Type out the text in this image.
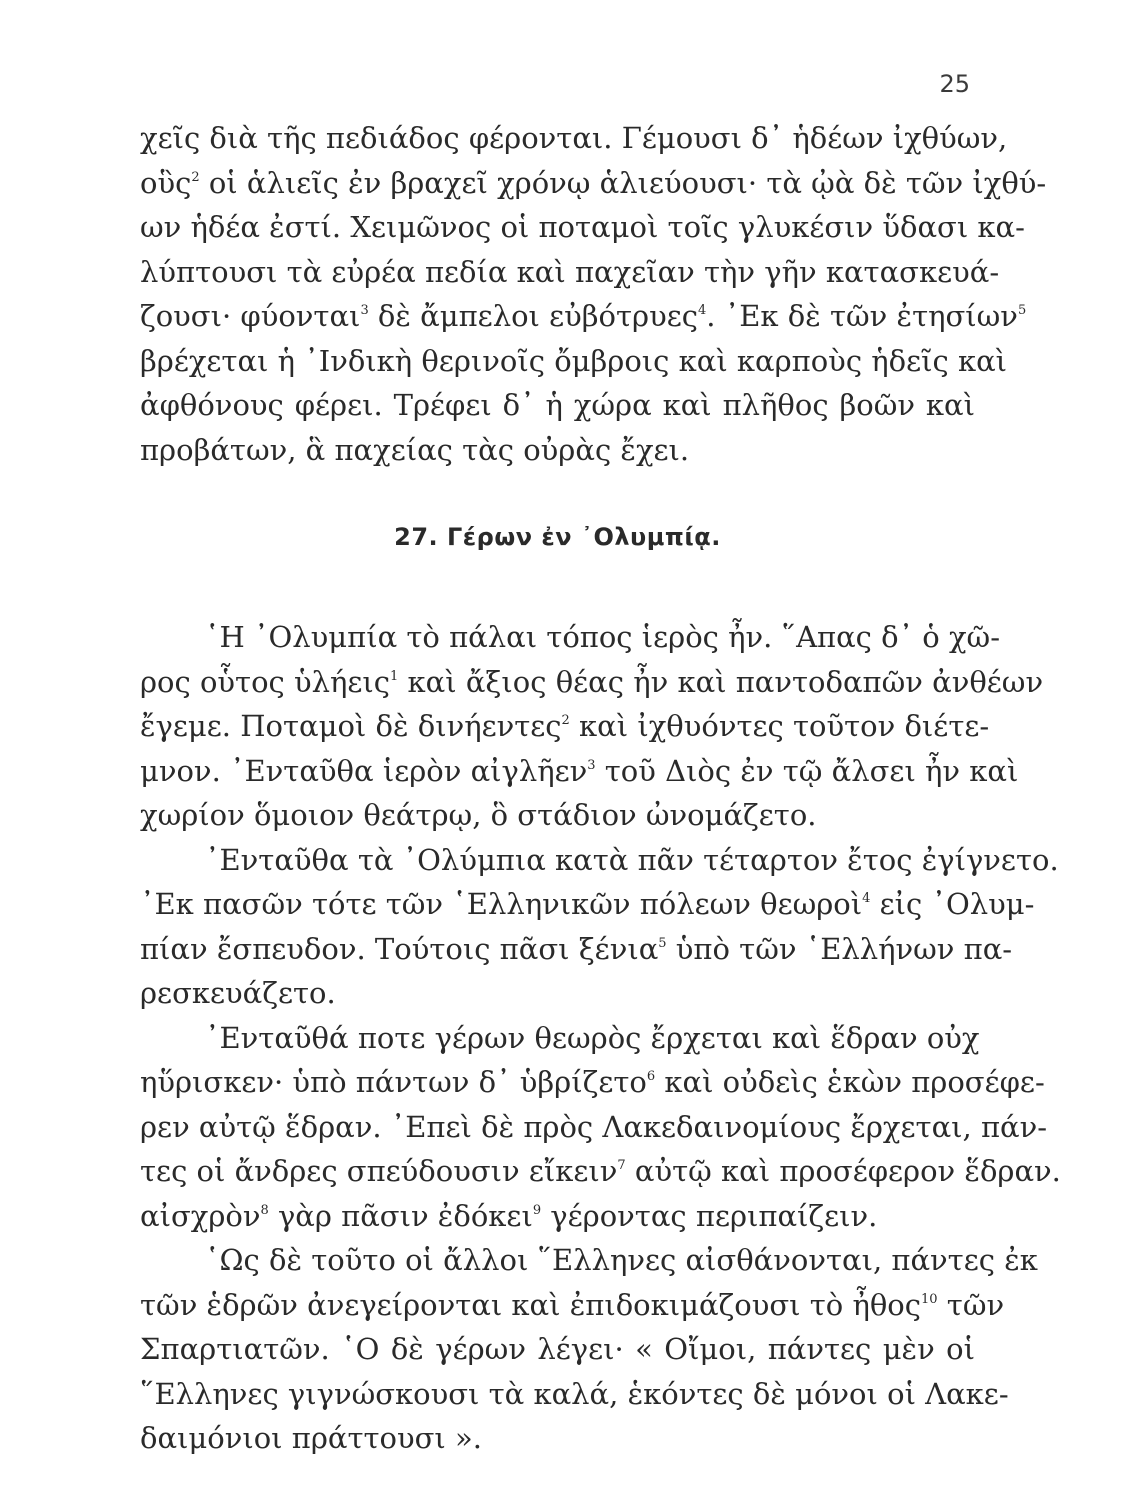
25
χεῖς διὰ τῆς πεδιάδος φέρονται. Γέμουσι δ᾽ ἡδέων ἰχθύων,
οὓς$^2$ οἱ ἁλιεῖς ἐν βραχεῖ χρόνῳ ἁλιεύουσι· τὰ ᾠὰ δὲ τῶν ἰχθύ-
ων ἡδέα ἐστί. Χειμῶνος οἱ ποταμοὶ τοῖς γλυκέσιν ὕδασι κα-
λύπτουσι τὰ εὐρέα πεδία καὶ παχεῖαν τὴν γῆν κατασκευά-
ζουσι· φύονται$^3$ δὲ ἄμπελοι εὐβότρυες$^4$. ᾽Εκ δὲ τῶν ἐτησίων$^5$
βρέχεται ἡ ᾽Ινδικὴ θερινοῖς ὄμβροις καὶ καρποὺς ἡδεῖς καὶ
ἀφθόνους φέρει. Τρέφει δ᾽ ἡ χώρα καὶ πλῆθος βοῶν καὶ
προβάτων, ἃ παχείας τὰς οὐρὰς ἔχει.
27. Γέρων ἐν ᾽Ολυμπίᾳ.
῾Η ᾽Ολυμπία τὸ πάλαι τόπος ἱερὸς ἦν. ῞Απας δ᾽ ὁ χῶ-
ρος οὗτος ὑλήεις$^1$ καὶ ἄξιος θέας ἦν καὶ παντοδαπῶν ἀνθέων
ἔγεμε. Ποταμοὶ δὲ δινήεντες$^2$ καὶ ἰχθυόντες τοῦτον διέτε-
μνον. ᾽Ενταῦθα ἱερὸν αἰγλῆεν$^3$ τοῦ Διὸς ἐν τῷ ἄλσει ἦν καὶ
χωρίον ὅμοιον θεάτρῳ, ὃ στάδιον ὠνομάζετο.
᾽Ενταῦθα τὰ ᾽Ολύμπια κατὰ πᾶν τέταρτον ἔτος ἐγίγνετο.
᾽Εκ πασῶν τότε τῶν ῾Ελληνικῶν πόλεων θεωροὶ$^4$ εἰς ᾽Ολυμ-
πίαν ἔσπευδον. Τούτοις πᾶσι ξένια$^5$ ὑπὸ τῶν ῾Ελλήνων πα-
ρεσκευάζετο.
᾽Ενταῦθά ποτε γέρων θεωρὸς ἔρχεται καὶ ἕδραν οὐχ
ηὕρισκεν· ὑπὸ πάντων δ᾽ ὑβρίζετο$^6$ καὶ οὐδεὶς ἑκὼν προσέφε-
ρεν αὐτῷ ἕδραν. ᾽Επεὶ δὲ πρὸς Λακεδαινομίους ἔρχεται, πάν-
τες οἱ ἄνδρες σπεύδουσιν εἴκειν$^7$ αὐτῷ καὶ προσέφερον ἕδραν.
αἰσχρὸν$^8$ γὰρ πᾶσιν ἐδόκει$^9$ γέροντας περιπαίζειν.
῾Ως δὲ τοῦτο οἱ ἄλλοι ῞Ελληνες αἰσθάνονται, πάντες ἐκ
τῶν ἑδρῶν ἀνεγείρονται καὶ ἐπιδοκιμάζουσι τὸ ἦθος$^{10}$ τῶν
Σπαρτιατῶν. ῾Ο δὲ γέρων λέγει· « Οἴμοι, πάντες μὲν οἱ
῞Ελληνες γιγνώσκουσι τὰ καλά, ἑκόντες δὲ μόνοι οἱ Λακε-
δαιμόνιοι πράττουσι ».
